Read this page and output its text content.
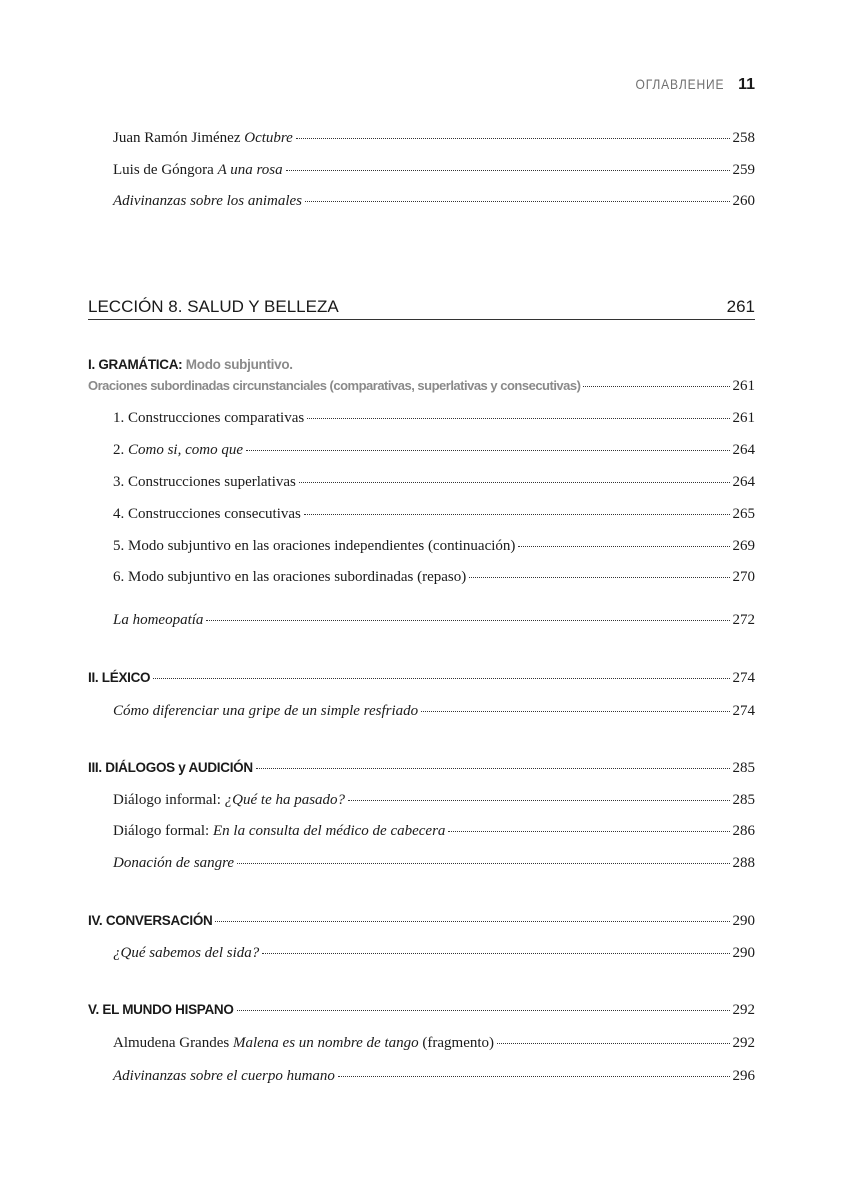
ОГЛАВЛЕНИЕ 11
Juan Ramón Jiménez Octubre	258
Luis de Góngora A una rosa	259
Adivinanzas sobre los animales	260
LECCIÓN 8. SALUD Y BELLEZA	261
I. GRAMÁTICA: Modo subjuntivo.
Oraciones subordinadas circunstanciales (comparativas, superlativas y consecutivas)	261
1. Construcciones comparativas	261
2. Como si, como que	264
3. Construcciones superlativas	264
4. Construcciones consecutivas	265
5. Modo subjuntivo en las oraciones independientes (continuación)	269
6. Modo subjuntivo en las oraciones subordinadas (repaso)	270
La homeopatía	272
II. LÉXICO	274
Cómo diferenciar una gripe de un simple resfriado	274
III. DIÁLOGOS y AUDICIÓN	285
Diálogo informal: ¿Qué te ha pasado?	285
Diálogo formal: En la consulta del médico de cabecera	286
Donación de sangre	288
IV. CONVERSACIÓN	290
¿Qué sabemos del sida?	290
V. EL MUNDO HISPANO	292
Almudena Grandes Malena es un nombre de tango (fragmento)	292
Adivinanzas sobre el cuerpo humano	296
